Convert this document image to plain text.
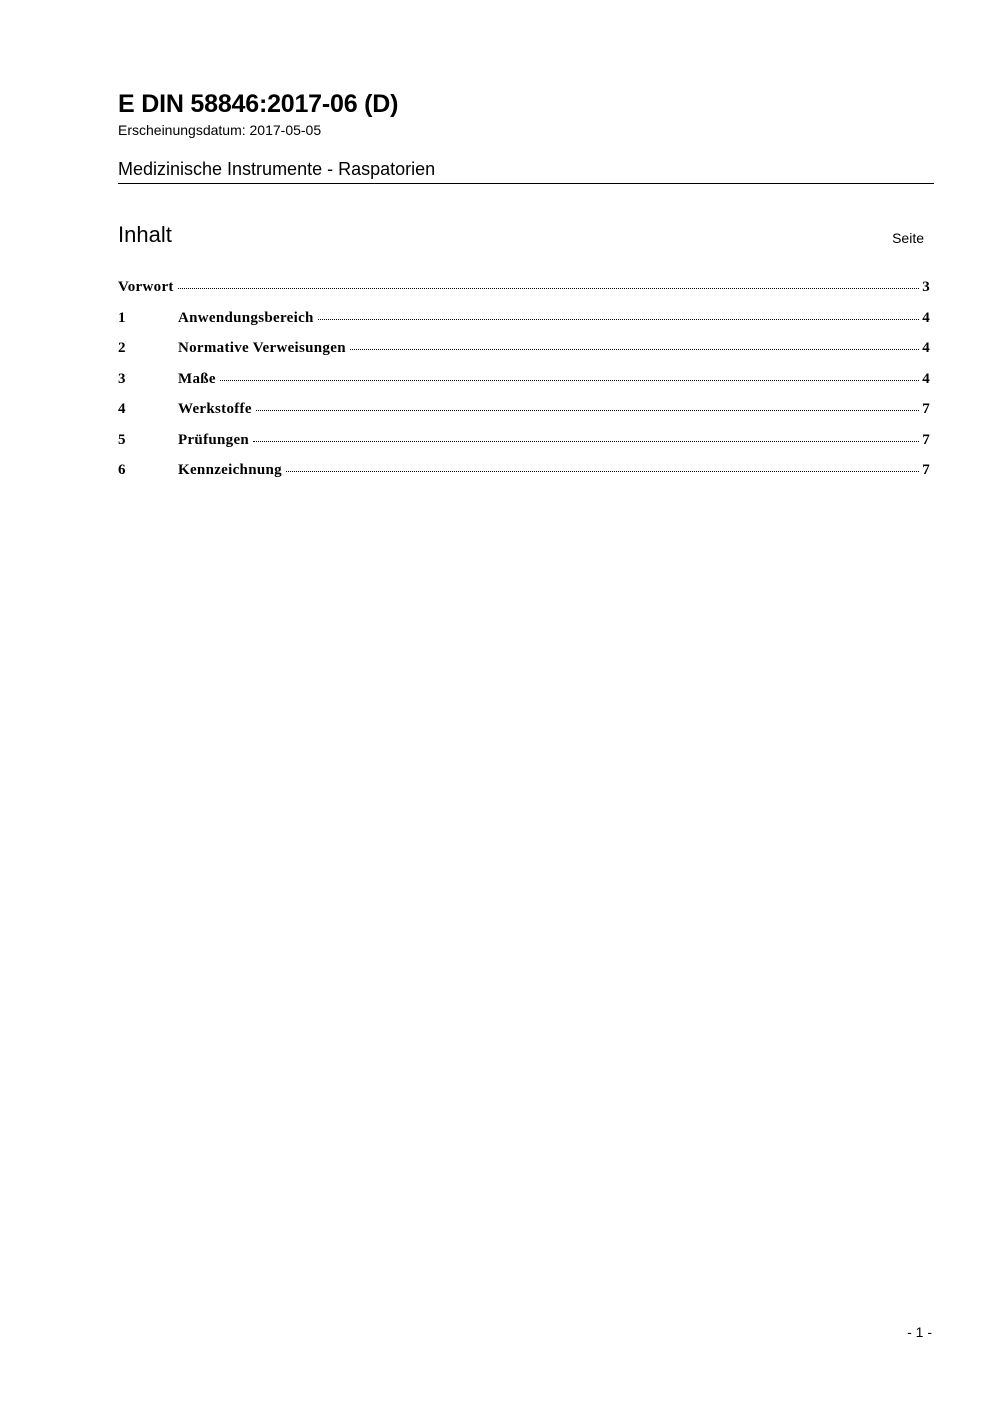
E DIN 58846:2017-06 (D)
Erscheinungsdatum: 2017-05-05
Medizinische Instrumente - Raspatorien
Inhalt	Seite
Vorwort	3
1	Anwendungsbereich	4
2	Normative Verweisungen	4
3	Maße	4
4	Werkstoffe	7
5	Prüfungen	7
6	Kennzeichnung	7
- 1 -
